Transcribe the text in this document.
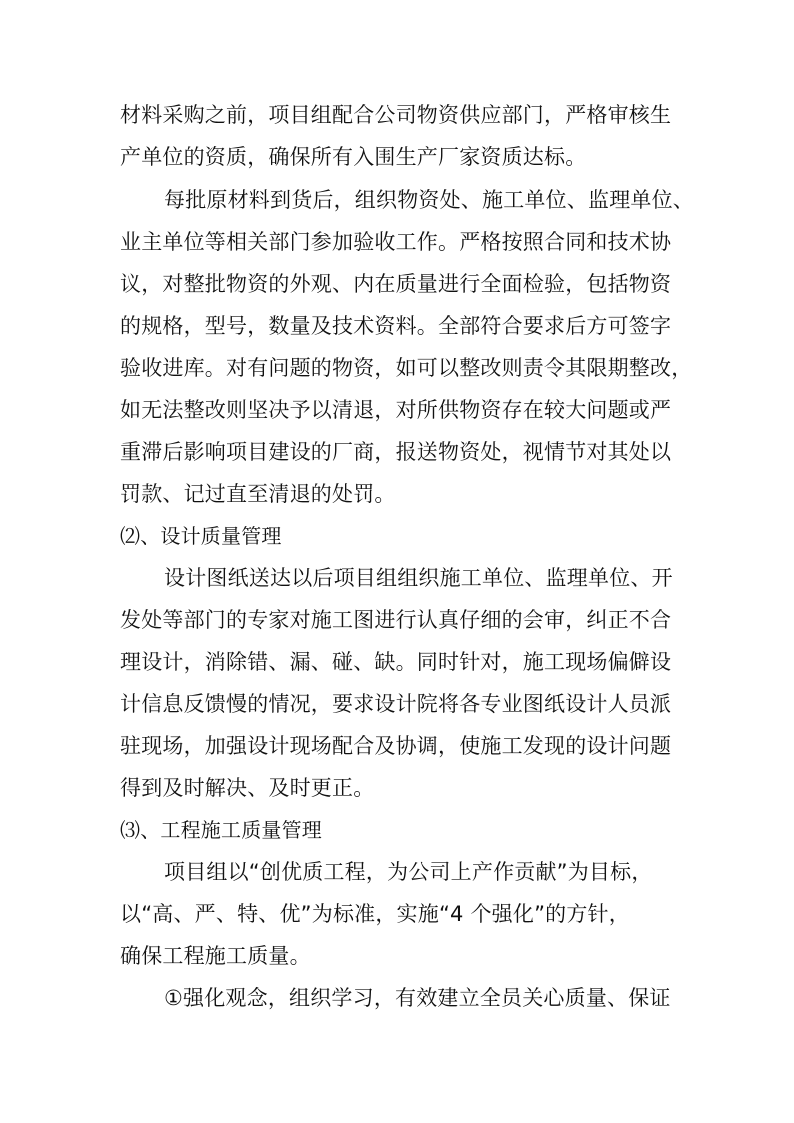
材料采购之前，项目组配合公司物资供应部门，严格审核生
产单位的资质，确保所有入围生产厂家资质达标。
每批原材料到货后，组织物资处、施工单位、监理单位、
业主单位等相关部门参加验收工作。严格按照合同和技术协
议，对整批物资的外观、内在质量进行全面检验，包括物资
的规格，型号，数量及技术资料。全部符合要求后方可签字
验收进库。对有问题的物资，如可以整改则责令其限期整改，
如无法整改则坚决予以清退，对所供物资存在较大问题或严
重滞后影响项目建设的厂商，报送物资处，视情节对其处以
罚款、记过直至清退的处罚。
⑵、设计质量管理
设计图纸送达以后项目组组织施工单位、监理单位、开
发处等部门的专家对施工图进行认真仔细的会审，纠正不合
理设计，消除错、漏、碰、缺。同时针对，施工现场偏僻设
计信息反馈慢的情况，要求设计院将各专业图纸设计人员派
驻现场，加强设计现场配合及协调，使施工发现的设计问题
得到及时解决、及时更正。
⑶、工程施工质量管理
项目组以“创优质工程，为公司上产作贡献”为目标，
以“高、严、特、优”为标准，实施“4 个强化”的方针，
确保工程施工质量。
①强化观念，组织学习，有效建立全员关心质量、保证
